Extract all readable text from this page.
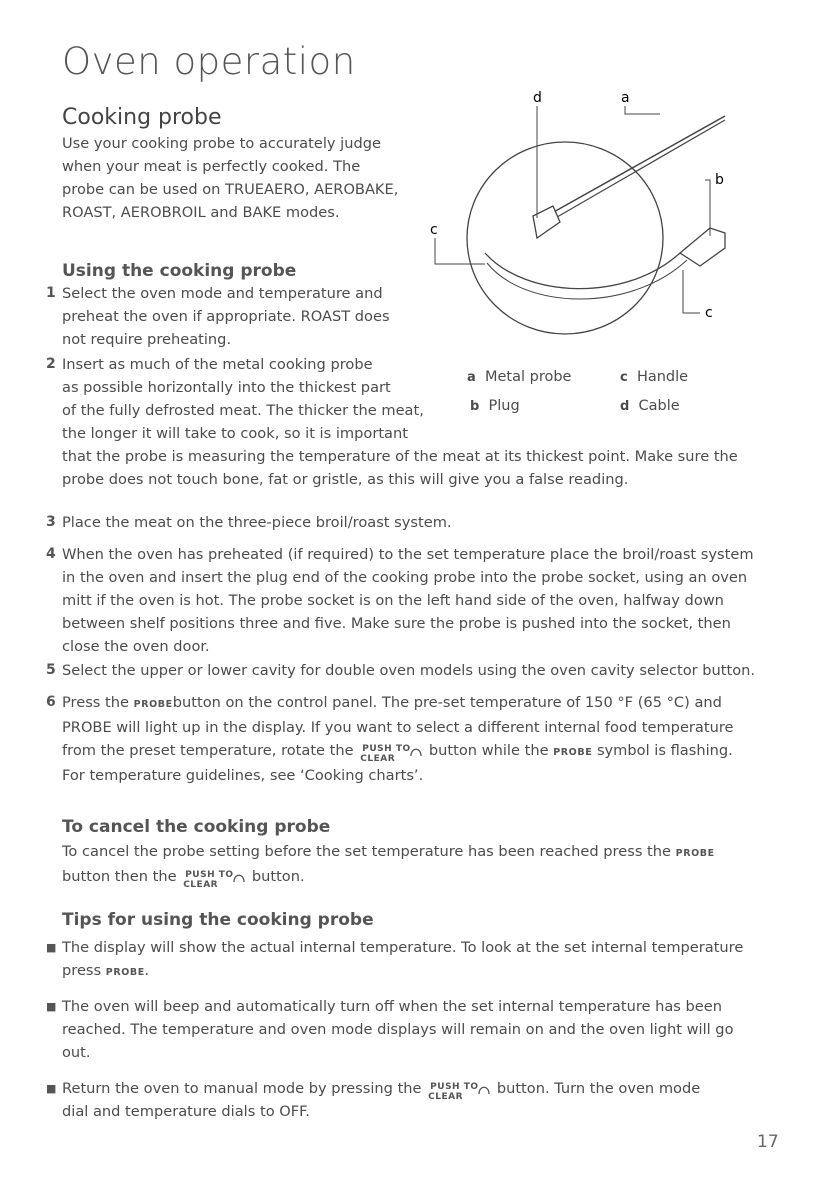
Oven operation
Cooking probe
Use your cooking probe to accurately judge
when your meat is perfectly cooked. The
probe can be used on TRUEAERO, AEROBAKE,
ROAST, AEROBROIL and BAKE modes.
d	a
b
c
c
a Metal probe
b Plug
c Handle
d Cable
Using the cooking probe
1 Select the oven mode and temperature and
preheat the oven if appropriate. ROAST does
not require preheating.
2 Insert as much of the metal cooking probe
as possible horizontally into the thickest part
of the fully defrosted meat. The thicker the meat,
the longer it will take to cook, so it is important
that the probe is measuring the temperature of the meat at its thickest point. Make sure the
probe does not touch bone, fat or gristle, as this will give you a false reading.
3 Place the meat on the three-piece broil/roast system.
4 When the oven has preheated (if required) to the set temperature place the broil/roast system
in the oven and insert the plug end of the cooking probe into the probe socket, using an oven
mitt if the oven is hot. The probe socket is on the left hand side of the oven, halfway down
between shelf positions three and five. Make sure the probe is pushed into the socket, then
close the oven door.
5 Select the upper or lower cavity for double oven models using the oven cavity selector button.
6 Press the PROBEbutton on the control panel. The pre-set temperature of 150 °F (65 °C) and
PROBE will light up in the display. If you want to select a different internal food temperature
from the preset temperature, rotate the PUSH TO
CLEAR button while the PROBE symbol is flashing.
For temperature guidelines, see ‘Cooking charts’.
To cancel the cooking probe
To cancel the probe setting before the set temperature has been reached press the PROBE
button then the PUSH TO
CLEAR button.
Tips for using the cooking probe
■ The display will show the actual internal temperature. To look at the set internal temperature
press PROBE.
■ The oven will beep and automatically turn off when the set internal temperature has been
reached. The temperature and oven mode displays will remain on and the oven light will go
out.
■ Return the oven to manual mode by pressing the PUSH TO
CLEAR button. Turn the oven mode
dial and temperature dials to OFF.
17
